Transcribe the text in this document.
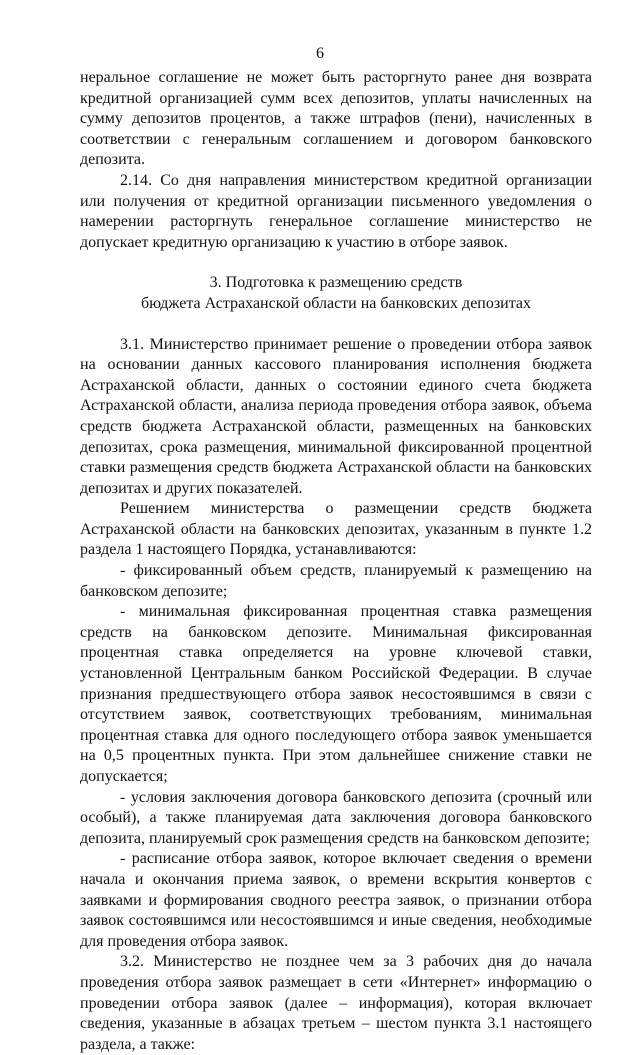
6

неральное соглашение не может быть расторгнуто ранее дня возврата кредитной организацией сумм всех депозитов, уплаты начисленных на сумму депозитов процентов, а также штрафов (пени), начисленных в соответствии с генеральным соглашением и договором банковского депозита.

2.14. Со дня направления министерством кредитной организации или получения от кредитной организации письменного уведомления о намерении расторгнуть генеральное соглашение министерство не допускает кредитную организацию к участию в отборе заявок.

3. Подготовка к размещению средств
бюджета Астраханской области на банковских депозитах

3.1. Министерство принимает решение о проведении отбора заявок на основании данных кассового планирования исполнения бюджета Астраханской области, данных о состоянии единого счета бюджета Астраханской области, анализа периода проведения отбора заявок, объема средств бюджета Астраханской области, размещенных на банковских депозитах, срока размещения, минимальной фиксированной процентной ставки размещения средств бюджета Астраханской области на банковских депозитах и других показателей.

Решением министерства о размещении средств бюджета Астраханской области на банковских депозитах, указанным в пункте 1.2 раздела 1 настоящего Порядка, устанавливаются:

- фиксированный объем средств, планируемый к размещению на банковском депозите;

- минимальная фиксированная процентная ставка размещения средств на банковском депозите. Минимальная фиксированная процентная ставка определяется на уровне ключевой ставки, установленной Центральным банком Российской Федерации. В случае признания предшествующего отбора заявок несостоявшимся в связи с отсутствием заявок, соответствующих требованиям, минимальная процентная ставка для одного последующего отбора заявок уменьшается на 0,5 процентных пункта. При этом дальнейшее снижение ставки не допускается;

- условия заключения договора банковского депозита (срочный или особый), а также планируемая дата заключения договора банковского депозита, планируемый срок размещения средств на банковском депозите;

- расписание отбора заявок, которое включает сведения о времени начала и окончания приема заявок, о времени вскрытия конвертов с заявками и формирования сводного реестра заявок, о признании отбора заявок состоявшимся или несостоявшимся и иные сведения, необходимые для проведения отбора заявок.

3.2. Министерство не позднее чем за 3 рабочих дня до начала проведения отбора заявок размещает в сети «Интернет» информацию о проведении отбора заявок (далее – информация), которая включает сведения, указанные в абзацах третьем – шестом пункта 3.1 настоящего раздела, а также:
